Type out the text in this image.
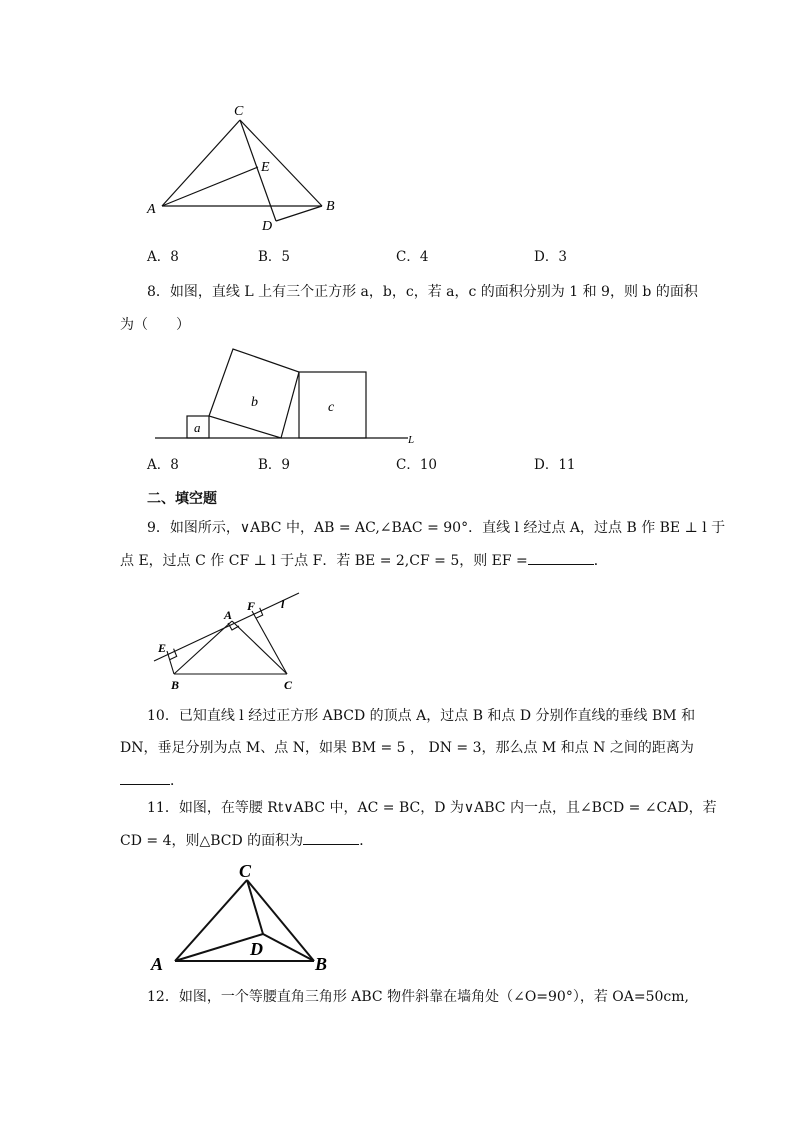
C
E
A
D
B
A．8	B．5	C．4	D．3
8．如图，直线 L 上有三个正方形 a，b，c，若 a，c 的面积分别为 1 和 9，则 b 的面积
为（　　）
a
b	c
L
A．8	B．9	C．10	D．11
二、填空题
9．如图所示，∨ABC 中，AB = AC,∠BAC = 90°．直线 l 经过点 A，过点 B 作 BE ⊥ l 于
点 E，过点 C 作 CF ⊥ l 于点 F．若 BE = 2,CF = 5，则 EF =	．
A
F l
E
B	C
10．已知直线 l 经过正方形 ABCD 的顶点 A，过点 B 和点 D 分别作直线的垂线 BM 和
DN，垂足分别为点 M、点 N，如果 BM = 5 ， DN = 3，那么点 M 和点 N 之间的距离为
．
11．如图，在等腰 Rt∨ABC 中，AC = BC，D 为∨ABC 内一点，且∠BCD = ∠CAD，若
CD = 4，则△BCD 的面积为	．
C
D
A	B
12．如图，一个等腰直角三角形 ABC 物件斜靠在墙角处（∠O=90°），若 OA=50cm,
